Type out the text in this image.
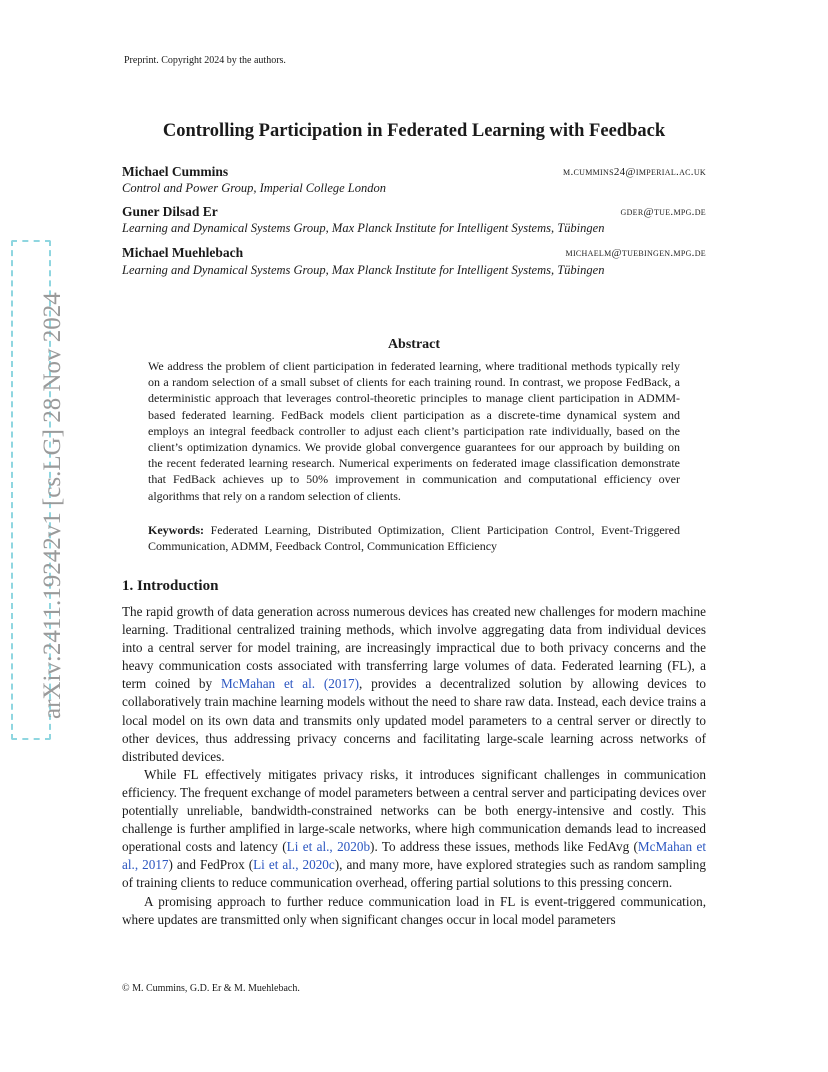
Preprint. Copyright 2024 by the authors.
Controlling Participation in Federated Learning with Feedback
Michael Cummins	m.cummins24@imperial.ac.uk
Control and Power Group, Imperial College London
Guner Dilsad Er	gder@tue.mpg.de
Learning and Dynamical Systems Group, Max Planck Institute for Intelligent Systems, Tübingen
Michael Muehlebach	michaelm@tuebingen.mpg.de
Learning and Dynamical Systems Group, Max Planck Institute for Intelligent Systems, Tübingen
Abstract
We address the problem of client participation in federated learning, where traditional methods typically rely on a random selection of a small subset of clients for each training round. In contrast, we propose FedBack, a deterministic approach that leverages control-theoretic principles to manage client participation in ADMM-based federated learning. FedBack models client participation as a discrete-time dynamical system and employs an integral feedback controller to adjust each client’s participation rate individually, based on the client’s optimization dynamics. We provide global convergence guarantees for our approach by building on the recent federated learning research. Numerical experiments on federated image classification demonstrate that FedBack achieves up to 50% improvement in communication and computational efficiency over algorithms that rely on a random selection of clients.
Keywords: Federated Learning, Distributed Optimization, Client Participation Control, Event-Triggered Communication, ADMM, Feedback Control, Communication Efficiency
1. Introduction

The rapid growth of data generation across numerous devices has created new challenges for modern machine learning. Traditional centralized training methods, which involve aggregating data from individual devices into a central server for model training, are increasingly impractical due to both privacy concerns and the heavy communication costs associated with transferring large volumes of data. Federated learning (FL), a term coined by McMahan et al. (2017), provides a decentralized solution by allowing devices to collaboratively train machine learning models without the need to share raw data. Instead, each device trains a local model on its own data and transmits only updated model parameters to a central server or directly to other devices, thus addressing privacy concerns and facilitating large-scale learning across networks of distributed devices.

While FL effectively mitigates privacy risks, it introduces significant challenges in communication efficiency. The frequent exchange of model parameters between a central server and participating devices over potentially unreliable, bandwidth-constrained networks can be both energy-intensive and costly. This challenge is further amplified in large-scale networks, where high communication demands lead to increased operational costs and latency (Li et al., 2020b). To address these issues, methods like FedAvg (McMahan et al., 2017) and FedProx (Li et al., 2020c), and many more, have explored strategies such as random sampling of training clients to reduce communication overhead, offering partial solutions to this pressing concern.

A promising approach to further reduce communication load in FL is event-triggered communication, where updates are transmitted only when significant changes occur in local model parameters

© M. Cummins, G.D. Er & M. Muehlebach.
arXiv:2411.19242v1 [cs.LG] 28 Nov 2024
